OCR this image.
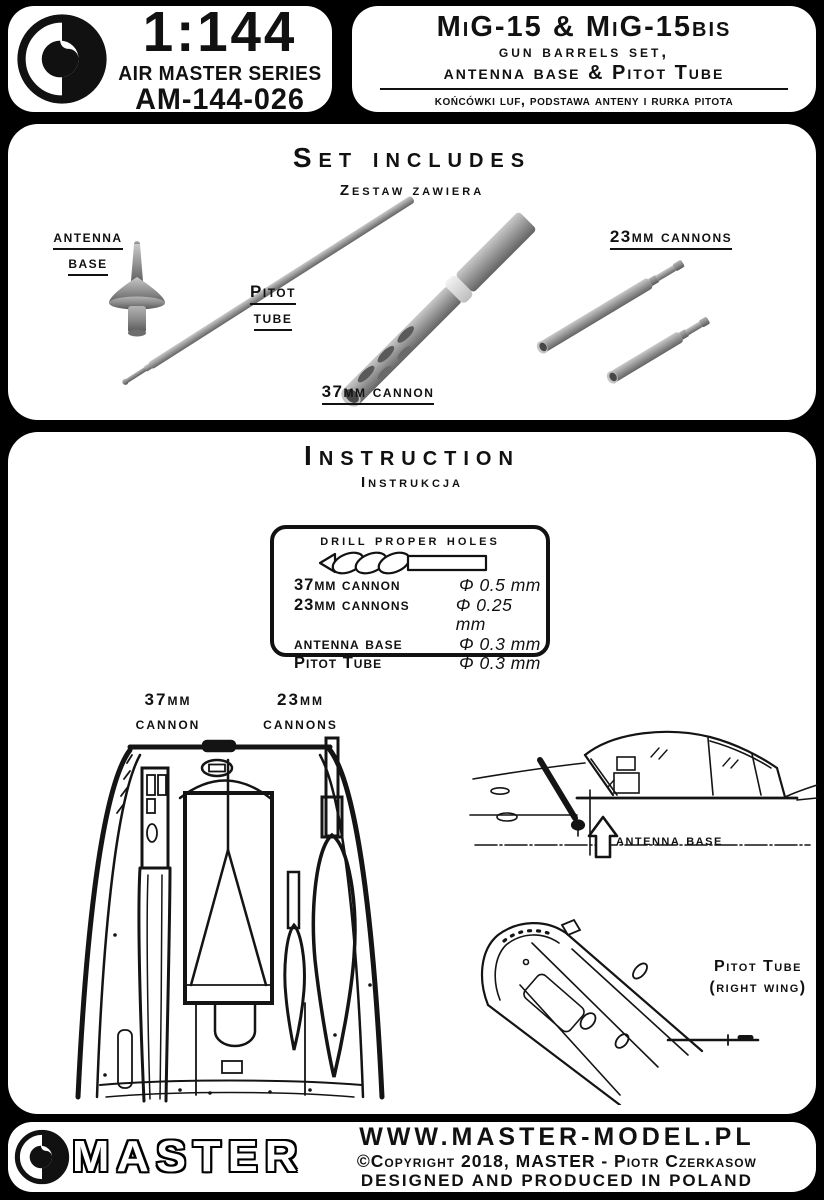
1:144
AIR MASTER SERIES
AM-144-026
MiG-15 & MiG-15bis
gun barrels set,
antenna base & Pitot Tube
końcówki luf, podstawa anteny i rurka pitota
Set includes
Zestaw zawiera
antenna
base
Pitot
tube
37mm cannon
23mm cannons
Instruction
Instrukcja
drill proper holes
37mm cannon	Φ 0.5 mm
23mm cannons	Φ 0.25 mm
antenna base	Φ 0.3 mm
Pitot Tube	Φ 0.3 mm
37mm
cannon
23mm
cannons
antenna base
Pitot Tube
(right wing)
MASTER	WWW.MASTER-MODEL.PL
©Copyright 2018, MASTER - Piotr Czerkasow
DESIGNED AND PRODUCED IN POLAND
